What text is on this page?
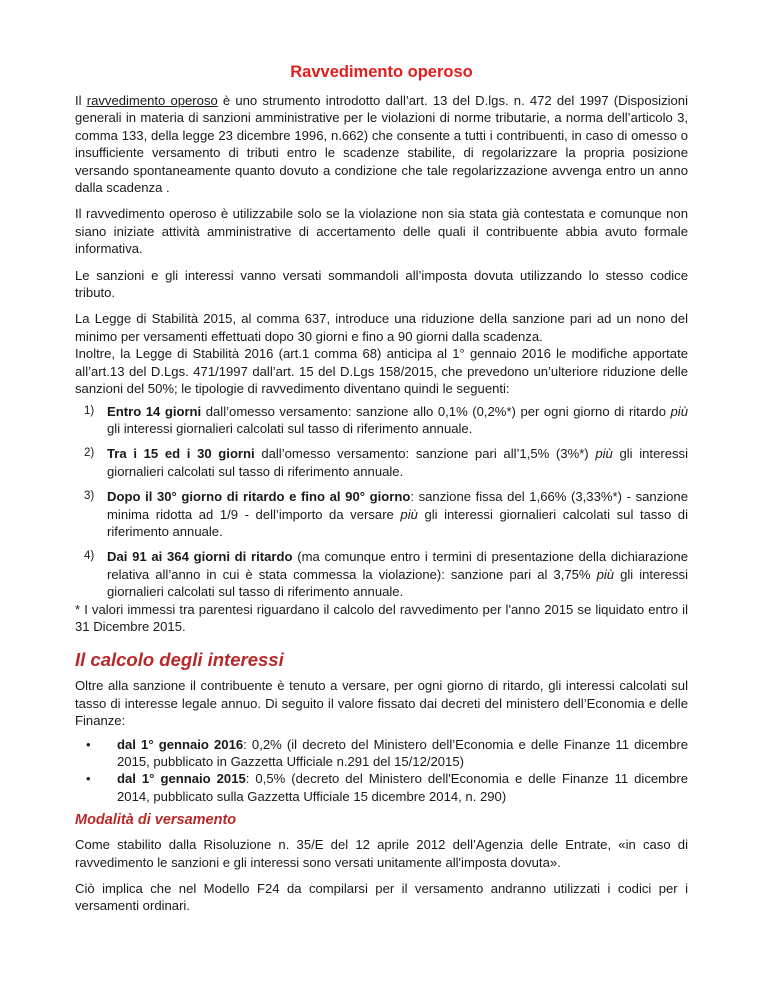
Ravvedimento operoso

Il ravvedimento operoso è uno strumento introdotto dall’art. 13 del D.lgs. n. 472 del 1997 (Disposizioni generali in materia di sanzioni amministrative per le violazioni di norme tributarie, a norma dell’articolo 3, comma 133, della legge 23 dicembre 1996, n.662) che consente a tutti i contribuenti, in caso di omesso o insufficiente versamento di tributi entro le scadenze stabilite, di regolarizzare la propria posizione versando spontaneamente quanto dovuto a condizione che tale regolarizzazione avvenga entro un anno dalla scadenza .

Il ravvedimento operoso è utilizzabile solo se la violazione non sia stata già contestata e comunque non siano iniziate attività amministrative di accertamento delle quali il contribuente abbia avuto formale informativa.

Le sanzioni e gli interessi vanno versati sommandoli all’imposta dovuta utilizzando lo stesso codice tributo.

La Legge di Stabilità 2015, al comma 637, introduce una riduzione della sanzione pari ad un nono del minimo per versamenti effettuati dopo 30 giorni e fino a 90 giorni dalla scadenza.

Inoltre, la Legge di Stabilità 2016 (art.1 comma 68) anticipa al 1° gennaio 2016 le modifiche apportate all’art.13 del D.Lgs. 471/1997 dall’art. 15 del D.Lgs 158/2015, che prevedono un’ulteriore riduzione delle sanzioni del 50%; le tipologie di ravvedimento diventano quindi le seguenti:

1) Entro 14 giorni dall’omesso versamento: sanzione allo 0,1% (0,2%*) per ogni giorno di ritardo più gli interessi giornalieri calcolati sul tasso di riferimento annuale.
2) Tra i 15 ed i 30 giorni dall’omesso versamento: sanzione pari all’1,5% (3%*) più gli interessi giornalieri calcolati sul tasso di riferimento annuale.
3) Dopo il 30° giorno di ritardo e fino al 90° giorno: sanzione fissa del 1,66% (3,33%*) - sanzione minima ridotta ad 1/9 - dell’importo da versare più gli interessi giornalieri calcolati sul tasso di riferimento annuale.
4) Dai 91 ai 364 giorni di ritardo (ma comunque entro i termini di presentazione della dichiarazione relativa all’anno in cui è stata commessa la violazione): sanzione pari al 3,75% più gli interessi giornalieri calcolati sul tasso di riferimento annuale.

* I valori immessi tra parentesi riguardano il calcolo del ravvedimento per l'anno 2015 se liquidato entro il 31 Dicembre 2015.

Il calcolo degli interessi

Oltre alla sanzione il contribuente è tenuto a versare, per ogni giorno di ritardo, gli interessi calcolati sul tasso di interesse legale annuo. Di seguito il valore fissato dai decreti del ministero dell’Economia e delle Finanze:

• dal 1° gennaio 2016: 0,2% (il decreto del Ministero dell’Economia e delle Finanze 11 dicembre 2015, pubblicato in Gazzetta Ufficiale n.291 del 15/12/2015)
• dal 1° gennaio 2015: 0,5% (decreto del Ministero dell'Economia e delle Finanze 11 dicembre 2014, pubblicato sulla Gazzetta Ufficiale 15 dicembre 2014, n. 290)
Modalità di versamento

Come stabilito dalla Risoluzione n. 35/E del 12 aprile 2012 dell’Agenzia delle Entrate, «in caso di ravvedimento le sanzioni e gli interessi sono versati unitamente all'imposta dovuta».

Ciò implica che nel Modello F24 da compilarsi per il versamento andranno utilizzati i codici per i versamenti ordinari.
